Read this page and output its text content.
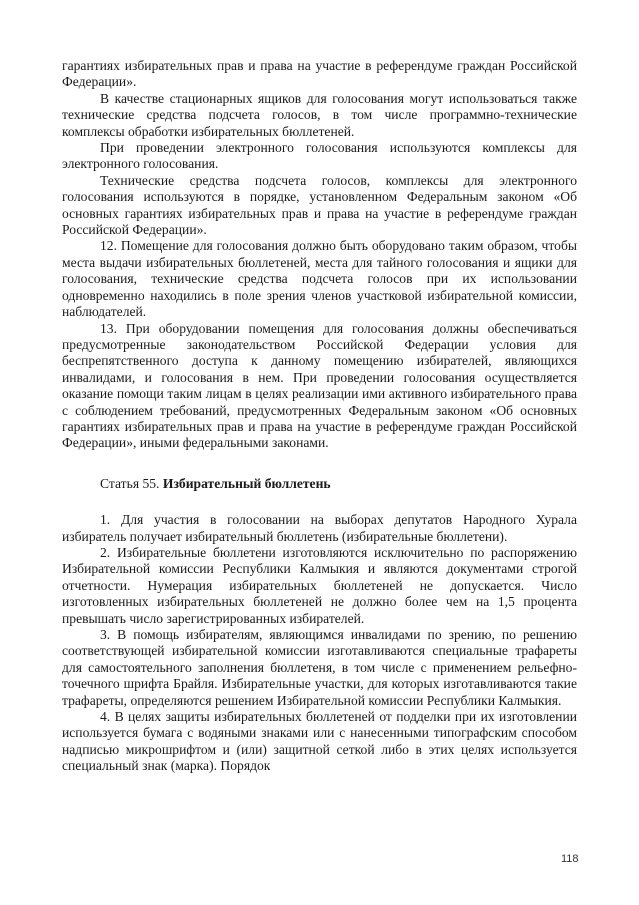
гарантиях избирательных прав и права на участие в референдуме граждан Российской Федерации».

В качестве стационарных ящиков для голосования могут использоваться также технические средства подсчета голосов, в том числе программно-технические комплексы обработки избирательных бюллетеней.

При проведении электронного голосования используются комплексы для электронного голосования.

Технические средства подсчета голосов, комплексы для электронного голосования используются в порядке, установленном Федеральным законом «Об основных гарантиях избирательных прав и права на участие в референдуме граждан Российской Федерации».

12. Помещение для голосования должно быть оборудовано таким образом, чтобы места выдачи избирательных бюллетеней, места для тайного голосования и ящики для голосования, технические средства подсчета голосов при их использовании одновременно находились в поле зрения членов участковой избирательной комиссии, наблюдателей.

13. При оборудовании помещения для голосования должны обеспечиваться предусмотренные законодательством Российской Федерации условия для беспрепятственного доступа к данному помещению избирателей, являющихся инвалидами, и голосования в нем. При проведении голосования осуществляется оказание помощи таким лицам в целях реализации ими активного избирательного права с соблюдением требований, предусмотренных Федеральным законом «Об основных гарантиях избирательных прав и права на участие в референдуме граждан Российской Федерации», иными федеральными законами.

Статья 55. Избирательный бюллетень

1. Для участия в голосовании на выборах депутатов Народного Хурала избиратель получает избирательный бюллетень (избирательные бюллетени).

2. Избирательные бюллетени изготовляются исключительно по распоряжению Избирательной комиссии Республики Калмыкия и являются документами строгой отчетности. Нумерация избирательных бюллетеней не допускается. Число изготовленных избирательных бюллетеней не должно более чем на 1,5 процента превышать число зарегистрированных избирателей.

3. В помощь избирателям, являющимся инвалидами по зрению, по решению соответствующей избирательной комиссии изготавливаются специальные трафареты для самостоятельного заполнения бюллетеня, в том числе с применением рельефно-точечного шрифта Брайля. Избирательные участки, для которых изготавливаются такие трафареты, определяются решением Избирательной комиссии Республики Калмыкия.

4. В целях защиты избирательных бюллетеней от подделки при их изготовлении используется бумага с водяными знаками или с нанесенными типографским способом надписью микрошрифтом и (или) защитной сеткой либо в этих целях используется специальный знак (марка). Порядок

118
